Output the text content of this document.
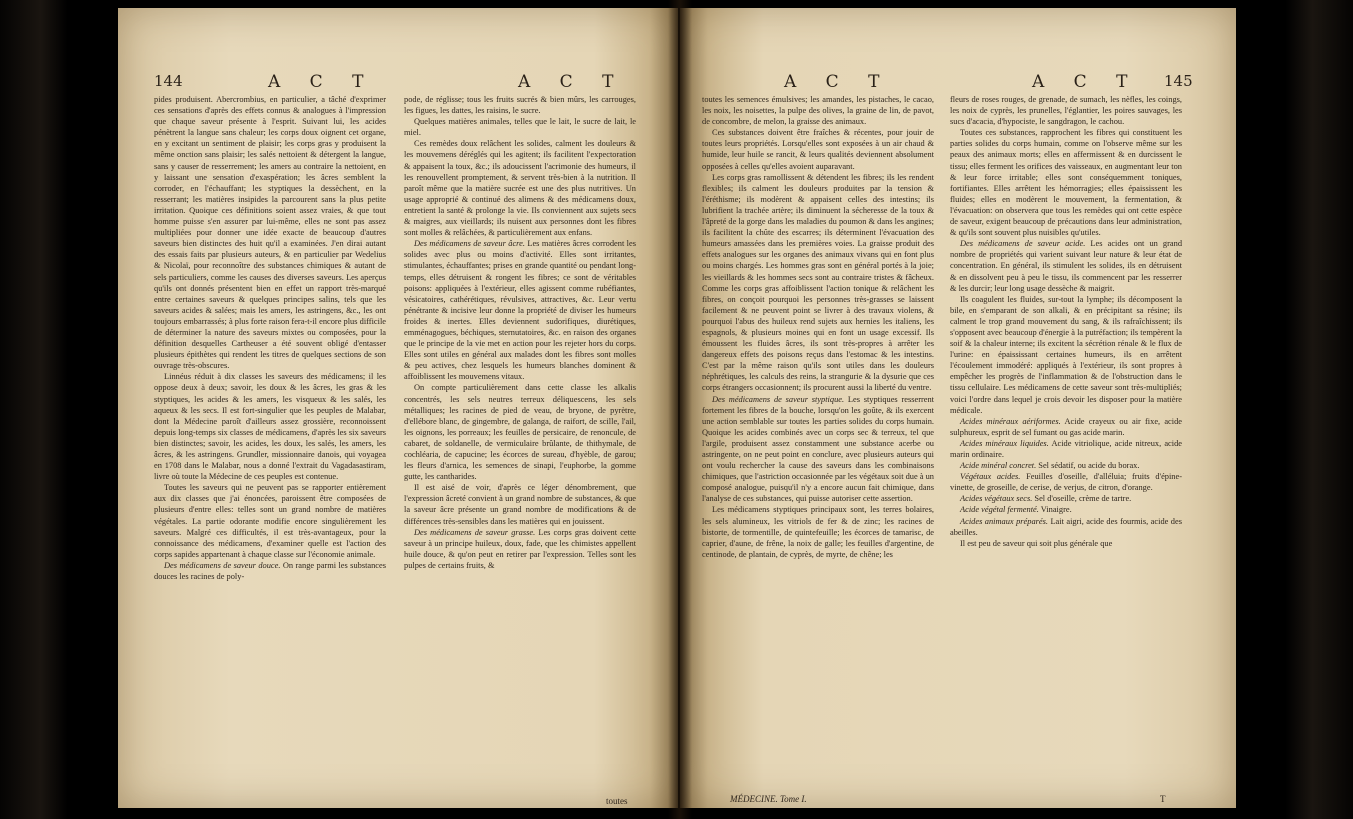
144	A C T	A C T

pides produisent. Abercrombius, en particulier, a tâché d'exprimer ces sensations d'après des effets connus & analogues à l'impression que chaque saveur présente à l'esprit. Suivant lui, les acides pénètrent la langue sans chaleur; les corps doux oignent cet organe, en y excitant un sentiment de plaisir; les corps gras y produisent la même onction sans plaisir; les salés nettoient & détergent la langue, sans y causer de resserrement; les amers au contraire la nettoient, en y laissant une sensation d'exaspération; les âcres semblent la corroder, en l'échauffant; les styptiques la dessèchent, en la resserrant; les matières insipides la parcourent sans la plus petite irritation. Quoique ces définitions soient assez vraies, & que tout homme puisse s'en assurer par lui-même, elles ne sont pas assez multipliées pour donner une idée exacte de beaucoup d'autres saveurs bien distinctes des huit qu'il a examinées. J'en dirai autant des essais faits par plusieurs auteurs, & en particulier par Wedelius & Nicolaï, pour reconnoître des substances chimiques & autant de sels particuliers, comme les causes des diverses saveurs. Les aperçus qu'ils ont donnés présentent bien en effet un rapport très-marqué entre certaines saveurs & quelques principes salins, tels que les saveurs acides & salées; mais les amers, les astringens, &c., les ont toujours embarrassés; à plus forte raison fera-t-il encore plus difficile de déterminer la nature des saveurs mixtes ou composées, pour la définition desquelles Cartheuser a été souvent obligé d'entasser plusieurs épithètes qui rendent les titres de quelques sections de son ouvrage très-obscures.

Linnéus réduit à dix classes les saveurs des médicamens; il les oppose deux à deux; savoir, les doux & les âcres, les gras & les styptiques, les acides & les amers, les visqueux & les salés, les aqueux & les secs. Il est fort-singulier que les peuples de Malabar, dont la Médecine paroît d'ailleurs assez grossière, reconnoissent depuis long-temps six classes de médicamens, d'après les six saveurs bien distinctes; savoir, les acides, les doux, les salés, les amers, les âcres, & les astringens. Grundler, missionnaire danois, qui voyagea en 1708 dans le Malabar, nous a donné l'extrait du Vagadasastiram, livre où toute la Médecine de ces peuples est contenue.

Toutes les saveurs qui ne peuvent pas se rapporter entièrement aux dix classes que j'ai énoncées, paroissent être composées de plusieurs d'entre elles: telles sont un grand nombre de matières végétales. La partie odorante modifie encore singulièrement les saveurs. Malgré ces difficultés, il est très-avantageux, pour la connoissance des médicamens, d'examiner quelle est l'action des corps sapides appartenant à chaque classe sur l'économie animale.

Des médicamens de saveur douce. On range parmi les substances douces les racines de poly-

pode, de réglisse; tous les fruits sucrés & bien mûrs, les carrouges, les figues, les dattes, les raisins, le sucre.

Quelques matières animales, telles que le lait, le sucre de lait, le miel.

Ces remèdes doux relâchent les solides, calment les douleurs & les mouvemens déréglés qui les agitent; ils facilitent l'expectoration & appaisent la toux, &c.; ils adoucissent l'acrimonie des humeurs, il les renouvellent promptement, & servent très-bien à la nutrition. Il paroît même que la matière sucrée est une des plus nutritives. Un usage approprié & continué des alimens & des médicamens doux, entretient la santé & prolonge la vie. Ils conviennent aux sujets secs & maigres, aux vieillards; ils nuisent aux personnes dont les fibres sont molles & relâchées, & particulièrement aux enfans.

Des médicamens de saveur âcre. Les matières âcres corrodent les solides avec plus ou moins d'activité. Elles sont irritantes, stimulantes, échauffantes; prises en grande quantité ou pendant long-temps, elles détruisent & rongent les fibres; ce sont de véritables poisons: appliquées à l'extérieur, elles agissent comme rubéfiantes, vésicatoires, cathérétiques, révulsives, attractives, &c. Leur vertu pénétrante & incisive leur donne la propriété de diviser les humeurs froides & inertes. Elles deviennent sudorifiques, diurétiques, emménagogues, béchiques, sternutatoires, &c. en raison des organes que le principe de la vie met en action pour les rejeter hors du corps. Elles sont utiles en général aux malades dont les fibres sont molles & peu actives, chez lesquels les humeurs blanches dominent & affoiblissent les mouvemens vitaux.

On compte particulièrement dans cette classe les alkalis concentrés, les sels neutres terreux déliquescens, les sels métalliques; les racines de pied de veau, de bryone, de pyrètre, d'ellébore blanc, de gingembre, de galanga, de raifort, de scille, l'ail, les oignons, les porreaux; les feuilles de persicaire, de renoncule, de cabaret, de soldanelle, de vermiculaire brûlante, de thithymale, de cochléaria, de capucine; les écorces de sureau, d'hyèble, de garou; les fleurs d'arnica, les semences de sinapi, l'euphorbe, la gomme gutte, les cantharides.

Il est aisé de voir, d'après ce léger dénombrement, que l'expression âcreté convient à un grand nombre de substances, & que la saveur âcre présente un grand nombre de modifications & de différences très-sensibles dans les matières qui en jouissent.

Des médicamens de saveur grasse. Les corps gras doivent cette saveur à un principe huileux, doux, fade, que les chimistes appellent huile douce, & qu'on peut en retirer par l'expression. Telles sont les pulpes de certains fruits, &

toutes
A C T	A C T 145

toutes les semences émulsives; les amandes, les pistaches, le cacao, les noix, les noisettes, la pulpe des olives, la graine de lin, de pavot, de concombre, de melon, la graisse des animaux.

Ces substances doivent être fraîches & récentes, pour jouir de toutes leurs propriétés. Lorsqu'elles sont exposées à un air chaud & humide, leur huile se rancit, & leurs qualités deviennent absolument opposées à celles qu'elles avoient auparavant.

Les corps gras ramollissent & détendent les fibres; ils les rendent flexibles; ils calment les douleurs produites par la tension & l'éréthisme; ils modèrent & appaisent celles des intestins; ils lubrifient la trachée artère; ils diminuent la sécheresse de la toux & l'âpreté de la gorge dans les maladies du poumon & dans les angines; ils facilitent la chûte des escarres; ils déterminent l'évacuation des humeurs amassées dans les premières voies. La graisse produit des effets analogues sur les organes des animaux vivans qui en font plus ou moins chargés. Les hommes gras sont en général portés à la joie; les vieillards & les hommes secs sont au contraire tristes & fâcheux. Comme les corps gras affoiblissent l'action tonique & relâchent les fibres, on conçoit pourquoi les personnes très-grasses se laissent facilement & ne peuvent point se livrer à des travaux violens, & pourquoi l'abus des huileux rend sujets aux hernies les italiens, les espagnols, & plusieurs moines qui en font un usage excessif. Ils émoussent les fluides âcres, ils sont très-propres à arrêter les dangereux effets des poisons reçus dans l'estomac & les intestins. C'est par la même raison qu'ils sont utiles dans les douleurs néphrétiques, les calculs des reins, la strangurie & la dysurie que ces corps étrangers occasionnent; ils procurent aussi la liberté du ventre.

Des médicamens de saveur styptique. Les styptiques resserrent fortement les fibres de la bouche, lorsqu'on les goûte, & ils exercent une action semblable sur toutes les parties solides du corps humain. Quoique les acides combinés avec un corps sec & terreux, tel que l'argile, produisent assez constamment une substance acerbe ou astringente, on ne peut point en conclure, avec plusieurs auteurs qui ont voulu rechercher la cause des saveurs dans les combinaisons chimiques, que l'astriction occasionnée par les végétaux soit due à un composé analogue, puisqu'il n'y a encore aucun fait chimique, dans l'analyse de ces substances, qui puisse autoriser cette assertion.

Les médicamens styptiques principaux sont, les terres bolaires, les sels alumineux, les vitriols de fer & de zinc; les racines de bistorte, de tormentille, de quintefeuille; les écorces de tamarisc, de caprier, d'aune, de frêne, la noix de galle; les feuilles d'argentine, de centinode, de plantain, de cyprès, de myrte, de chêne; les

fleurs de roses rouges, de grenade, de sumach, les nèfles, les coings, les noix de cyprès, les prunelles, l'églantier, les poires sauvages, les sucs d'acacia, d'hypociste, le sangdragon, le cachou.

Toutes ces substances, rapprochent les fibres qui constituent les parties solides du corps humain, comme on l'observe même sur les peaux des animaux morts; elles en affermissent & en durcissent le tissu; elles ferment les orifices des vaisseaux, en augmentant leur ton & leur force irritable; elles sont conséquemment toniques, fortifiantes. Elles arrêtent les hémorragies; elles épaississent les fluides; elles en modèrent le mouvement, la fermentation, & l'évacuation: on observera que tous les remèdes qui ont cette espèce de saveur, exigent beaucoup de précautions dans leur administration, & qu'ils sont souvent plus nuisibles qu'utiles.

Des médicamens de saveur acide. Les acides ont un grand nombre de propriétés qui varient suivant leur nature & leur état de concentration. En général, ils stimulent les solides, ils en détruisent & en dissolvent peu à peu le tissu, ils commencent par les resserrer & les durcir; leur long usage dessèche & maigrit.

Ils coagulent les fluides, sur-tout la lymphe; ils décomposent la bile, en s'emparant de son alkali, & en précipitant sa résine; ils calment le trop grand mouvement du sang, & ils rafraîchissent; ils s'opposent avec beaucoup d'énergie à la putréfaction; ils tempèrent la soif & la chaleur interne; ils excitent la sécrétion rénale & le flux de l'urine: en épaississant certaines humeurs, ils en arrêtent l'écoulement immodéré: appliqués à l'extérieur, ils sont propres à empêcher les progrès de l'inflammation & de l'obstruction dans le tissu cellulaire. Les médicamens de cette saveur sont très-multipliés; voici l'ordre dans lequel je crois devoir les disposer pour la matière médicale.

Acides minéraux aériformes. Acide crayeux ou air fixe, acide sulphureux, esprit de sel fumant ou gas acide marin.

Acides minéraux liquides. Acide vitriolique, acide nitreux, acide marin ordinaire.

Acide minéral concret. Sel sédatif, ou acide du borax.

Végétaux acides. Feuilles d'oseille, d'alléluia; fruits d'épine-vinette, de groseille, de cerise, de verjus, de citron, d'orange.

Acides végétaux secs. Sel d'oseille, crème de tartre.

Acide végétal fermenté. Vinaigre.

Acides animaux préparés. Lait aigri, acide des fourmis, acide des abeilles.

Il est peu de saveur qui soit plus générale que

MÉDECINE. Tome I.	T
